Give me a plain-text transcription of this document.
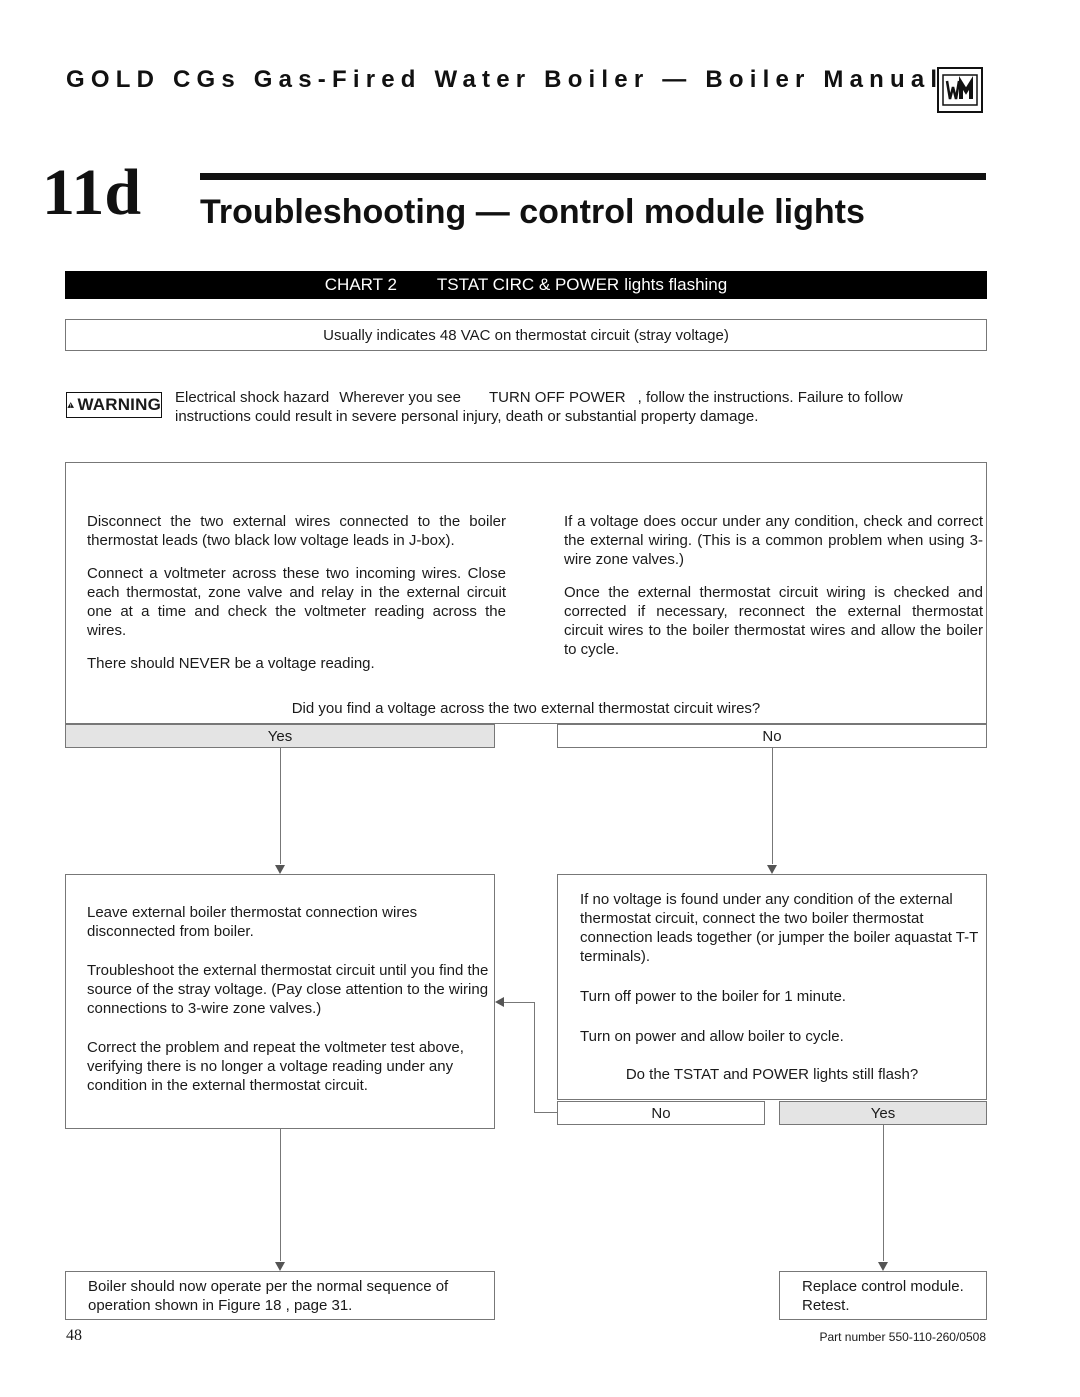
GOLD CGs Gas-Fired Water Boiler — Boiler Manual
11d Troubleshooting — control module lights
CHART 2 TSTAT CIRC & POWER lights flashing
Usually indicates 48 VAC on thermostat circuit (stray voltage)
WARNING Electrical shock hazard Wherever you see TURN OFF POWER , follow the instructions. Failure to follow
instructions could result in severe personal injury, death or substantial property damage.

Disconnect the two external wires connected to the boiler thermostat leads (two black low voltage leads in J-box).

Connect a voltmeter across these two incoming wires. Close each thermostat, zone valve and relay in the external circuit one at a time and check the voltmeter reading across the wires.

There should NEVER be a voltage reading.

If a voltage does occur under any condition, check and correct the external wiring. (This is a common problem when using 3-wire zone valves.)

Once the external thermostat circuit wiring is checked and corrected if necessary, reconnect the external thermostat circuit wires to the boiler thermostat wires and allow the boiler to cycle.

Did you find a voltage across the two external thermostat circuit wires?
Yes	No

Leave external boiler thermostat connection wires disconnected from boiler.

Troubleshoot the external thermostat circuit until you find the source of the stray voltage. (Pay close attention to the wiring connections to 3-wire zone valves.)

Correct the problem and repeat the voltmeter test above, verifying there is no longer a voltage reading under any condition in the external thermostat circuit.

If no voltage is found under any condition of the external thermostat circuit, connect the two boiler thermostat connection leads together (or jumper the boiler aquastat T-T terminals).

Turn off power to the boiler for 1 minute.

Turn on power and allow boiler to cycle.

Do the TSTAT and POWER lights still flash?
No	Yes
Boiler should now operate per the normal sequence of operation shown in Figure 18 , page 31.
Replace control module.
Retest.
48	Part number 550-110-260/0508
